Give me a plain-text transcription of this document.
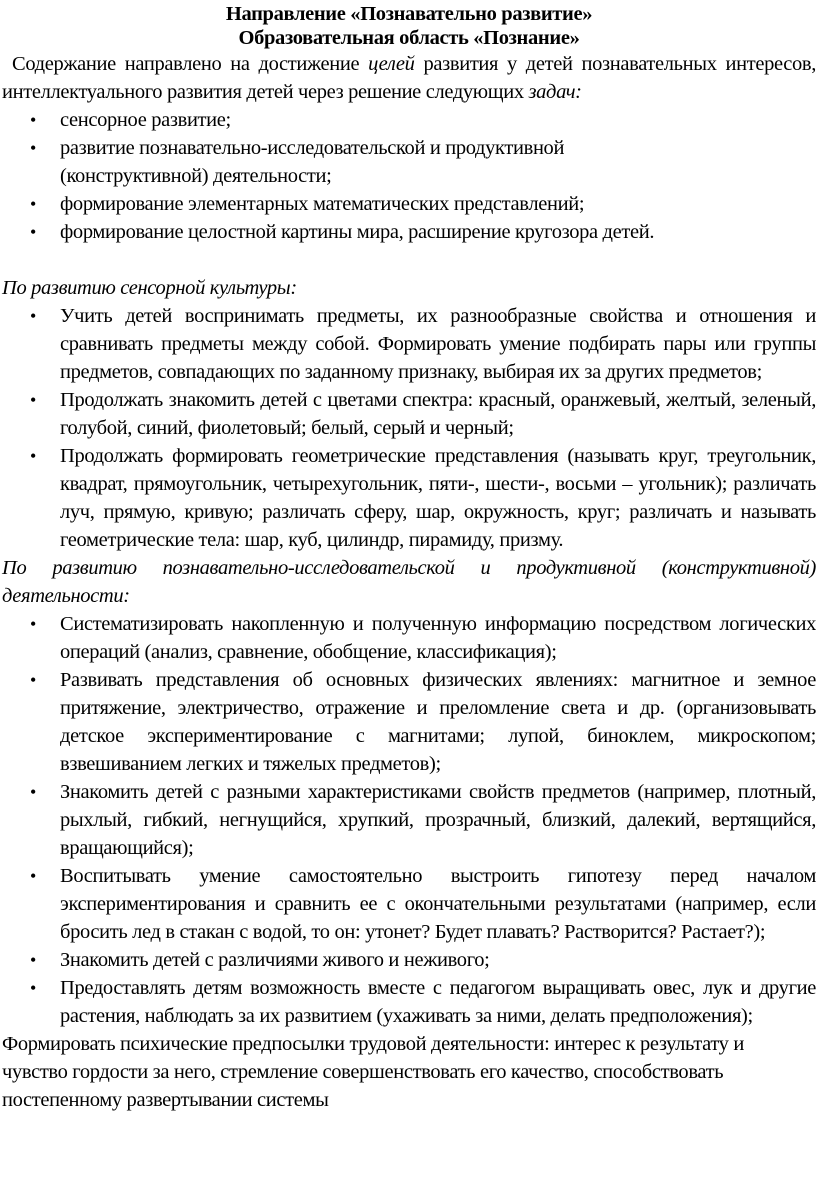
Направление «Познавательно развитие»
Образовательная область «Познание»

Содержание направлено на достижение целей развития у детей познавательных интересов, интеллектуального развития детей через решение следующих задач:

• сенсорное развитие;
• развитие познавательно-исследовательской и продуктивной (конструктивной) деятельности;
• формирование элементарных математических представлений;
• формирование целостной картины мира, расширение кругозора детей.

По развитию сенсорной культуры:

• Учить детей воспринимать предметы, их разнообразные свойства и отношения и сравнивать предметы между собой. Формировать умение подбирать пары или группы предметов, совпадающих по заданному признаку, выбирая их за других предметов;
• Продолжать знакомить детей с цветами спектра: красный, оранжевый, желтый, зеленый, голубой, синий, фиолетовый; белый, серый и черный;
• Продолжать формировать геометрические представления (называть круг, треугольник, квадрат, прямоугольник, четырехугольник, пяти-, шести-, восьми – угольник); различать луч, прямую, кривую; различать сферу, шар, окружность, круг; различать и называть геометрические тела: шар, куб, цилиндр, пирамиду, призму.

По развитию познавательно-исследовательской и продуктивной (конструктивной) деятельности:

• Систематизировать накопленную и полученную информацию посредством логических операций (анализ, сравнение, обобщение, классификация);
• Развивать представления об основных физических явлениях: магнитное и земное притяжение, электричество, отражение и преломление света и др. (организовывать детское экспериментирование с магнитами; лупой, биноклем, микроскопом; взвешиванием легких и тяжелых предметов);
• Знакомить детей с разными характеристиками свойств предметов (например, плотный, рыхлый, гибкий, негнущийся, хрупкий, прозрачный, близкий, далекий, вертящийся, вращающийся);
• Воспитывать умение самостоятельно выстроить гипотезу перед началом экспериментирования и сравнить ее с окончательными результатами (например, если бросить лед в стакан с водой, то он: утонет? Будет плавать? Растворится? Растает?);
• Знакомить детей с различиями живого и неживого;
• Предоставлять детям возможность вместе с педагогом выращивать овес, лук и другие растения, наблюдать за их развитием (ухаживать за ними, делать предположения);

Формировать психические предпосылки трудовой деятельности: интерес к результату и чувство гордости за него, стремление совершенствовать его качество, способствовать постепенному развертывании системы
